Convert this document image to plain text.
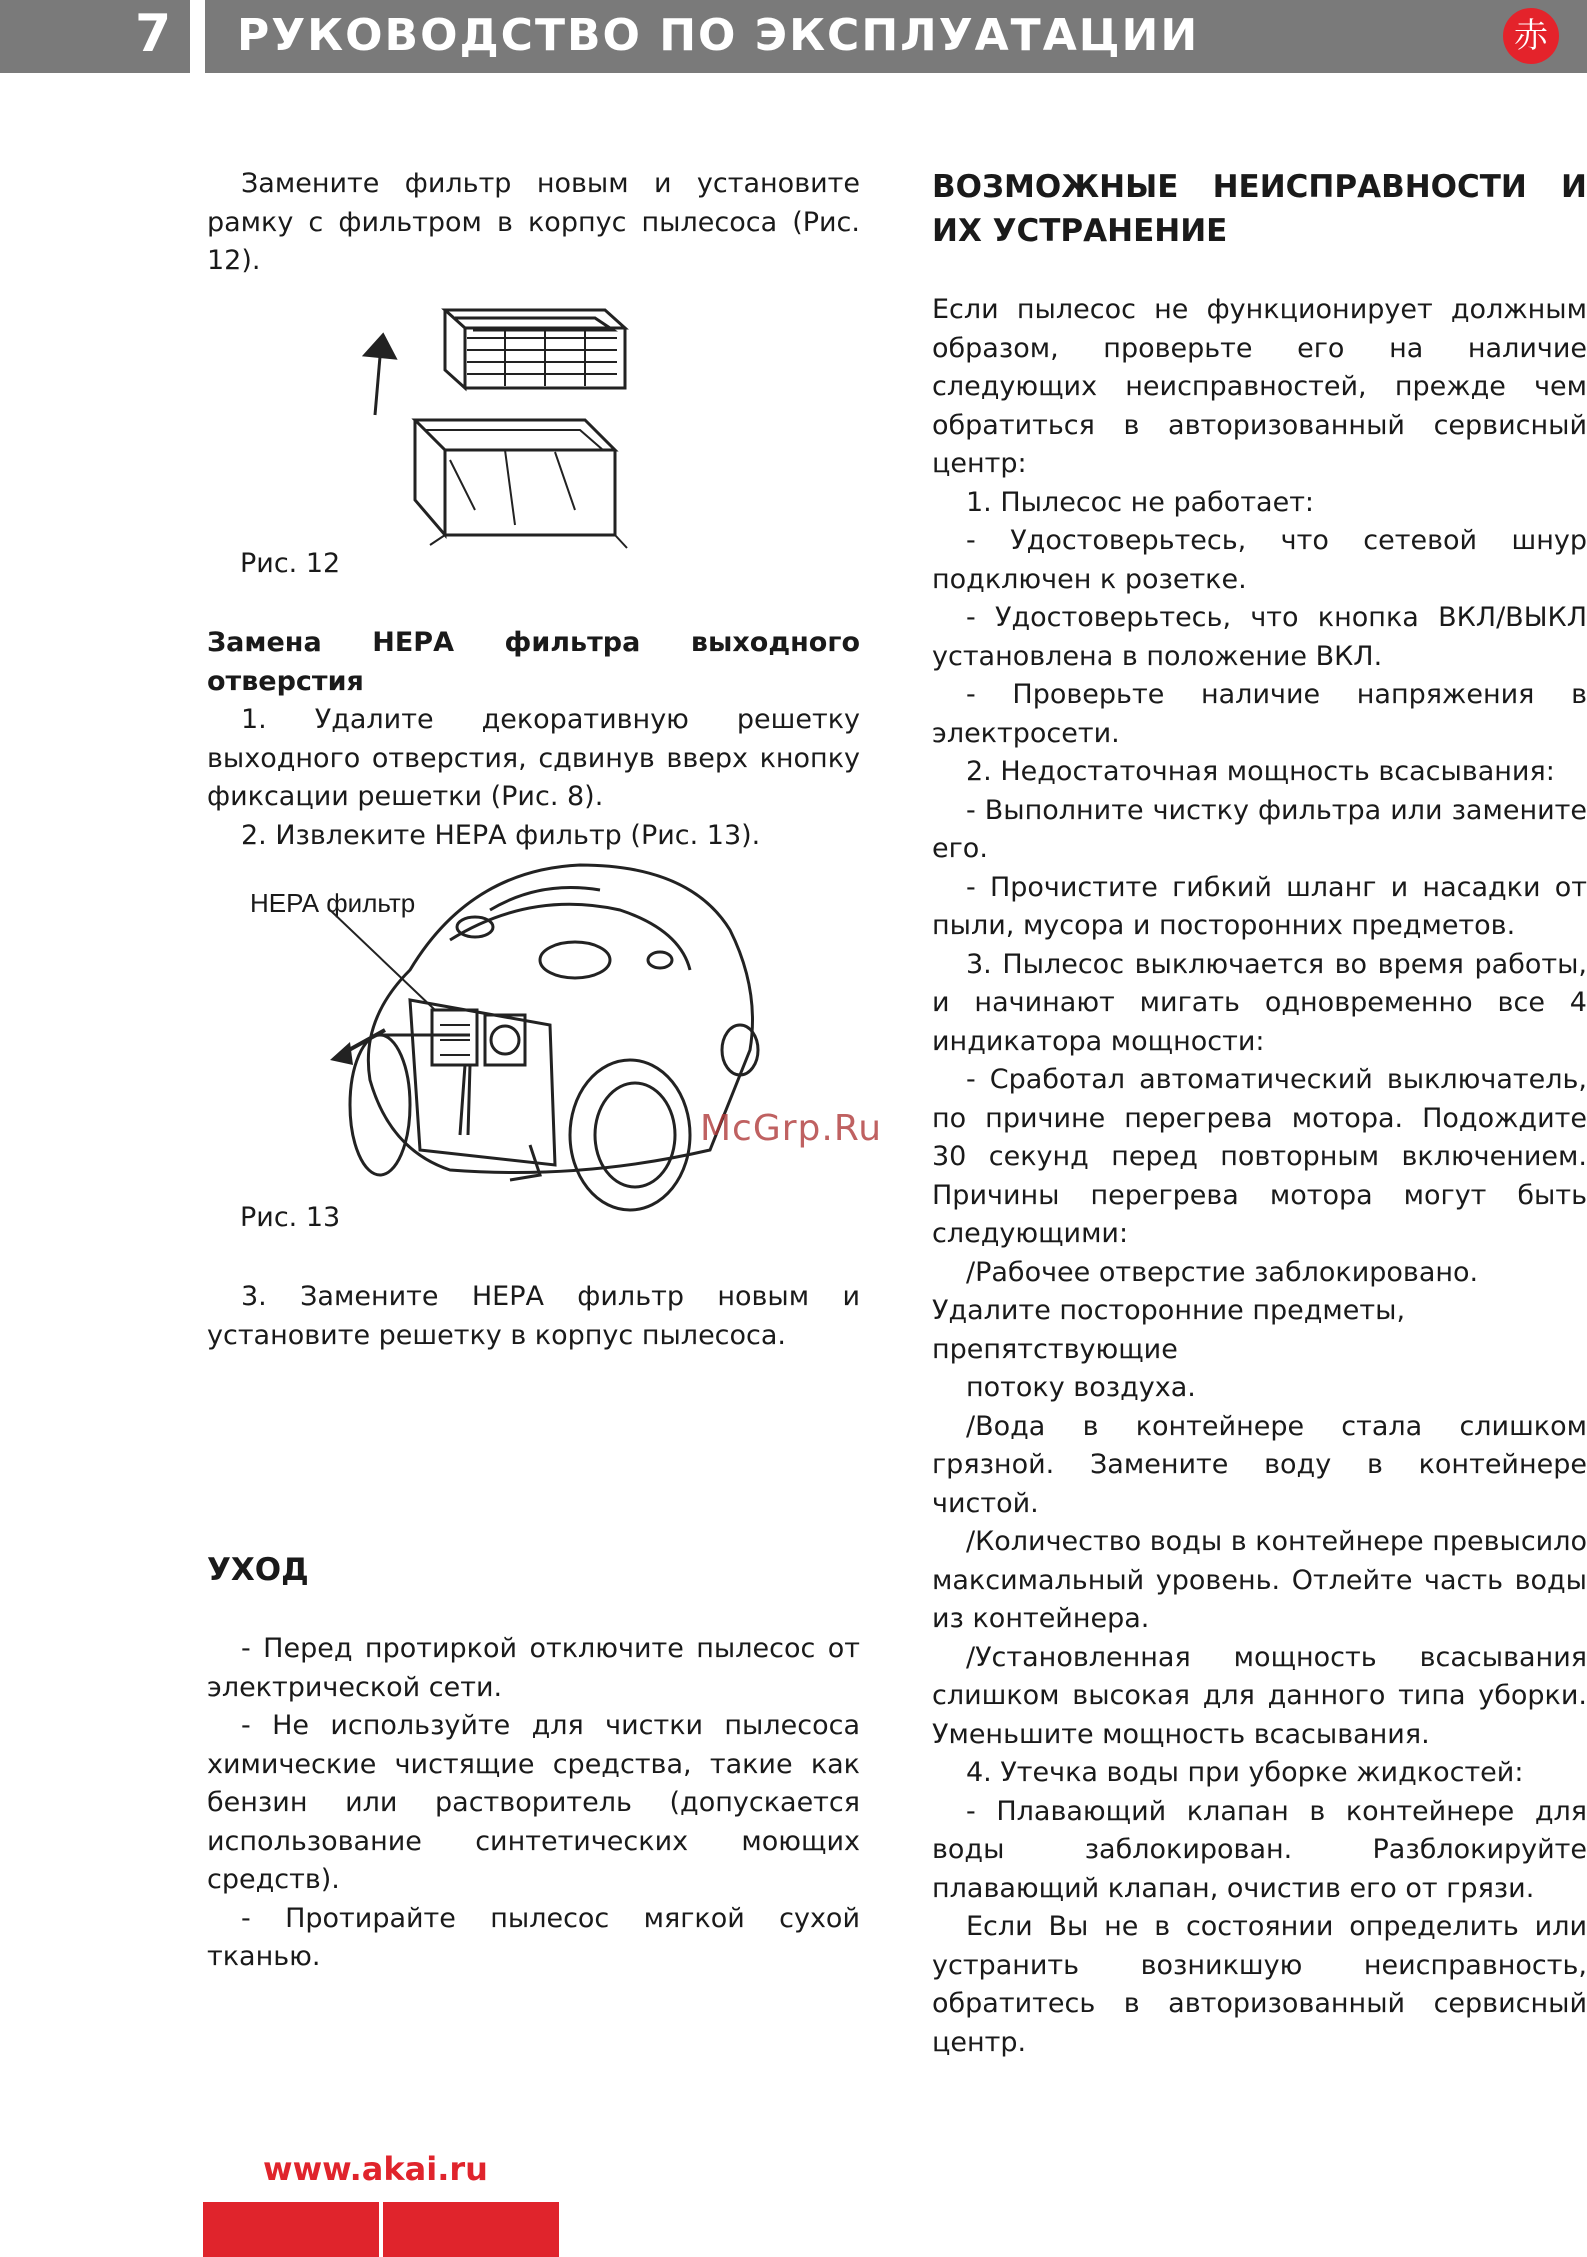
7 РУКОВОДСТВО ПО ЭКСПЛУАТАЦИИ	赤

Замените фильтр новым и установите рамку с фильтром в корпус пылесоса (Рис. 12).

Рис. 12

Замена НЕРА фильтра выходного отверстия

1. Удалите декоративную решетку выходного отверстия, сдвинув вверх кнопку фиксации решетки (Рис. 8).

2. Извлеките НЕРА фильтр (Рис. 13).

НЕРА фильтр
Рис. 13

3. Замените НЕРА фильтр новым и установите решетку в корпус пылесоса.

УХОД

- Перед протиркой отключите пылесос от электрической сети.

- Не используйте для чистки пылесоса химические чистящие средства, такие как бензин или растворитель (допускается использование синтетических моющих средств).

- Протирайте пылесос мягкой сухой тканью.

ВОЗМОЖНЫЕ НЕИСПРАВНОСТИ И ИХ УСТРАНЕНИЕ

Если пылесос не функционирует должным образом, проверьте его на наличие следующих неисправностей, прежде чем обратиться в авторизованный сервисный центр:

1. Пылесос не работает:

- Удостоверьтесь, что сетевой шнур подключен к розетке.

- Удостоверьтесь, что кнопка ВКЛ/ВЫКЛ установлена в положение ВКЛ.

- Проверьте наличие напряжения в электросети.

2. Недостаточная мощность всасывания:

- Выполните чистку фильтра или замените его.

- Прочистите гибкий шланг и насадки от пыли, мусора и посторонних предметов.

3. Пылесос выключается во время работы, и начинают мигать одновременно все 4 индикатора мощности:

- Сработал автоматический выключатель, по причине перегрева мотора. Подождите 30 секунд перед повторным включением. Причины перегрева мотора могут быть следующими:

/Рабочее отверстие заблокировано. Удалите посторонние предметы, препятствующие

потоку воздуха.

/Вода в контейнере стала слишком грязной. Замените воду в контейнере чистой.

/Количество воды в контейнере превысило максимальный уровень. Отлейте часть воды из контейнера.

/Установленная мощность всасывания слишком высокая для данного типа уборки. Уменьшите мощность всасывания.

4. Утечка воды при уборке жидкостей:

- Плавающий клапан в контейнере для воды заблокирован. Разблокируйте плавающий клапан, очистив его от грязи.

Если Вы не в состоянии определить или устранить возникшую неисправность, обратитесь в авторизованный сервисный центр.

McGrp.Ru
www.akai.ru
